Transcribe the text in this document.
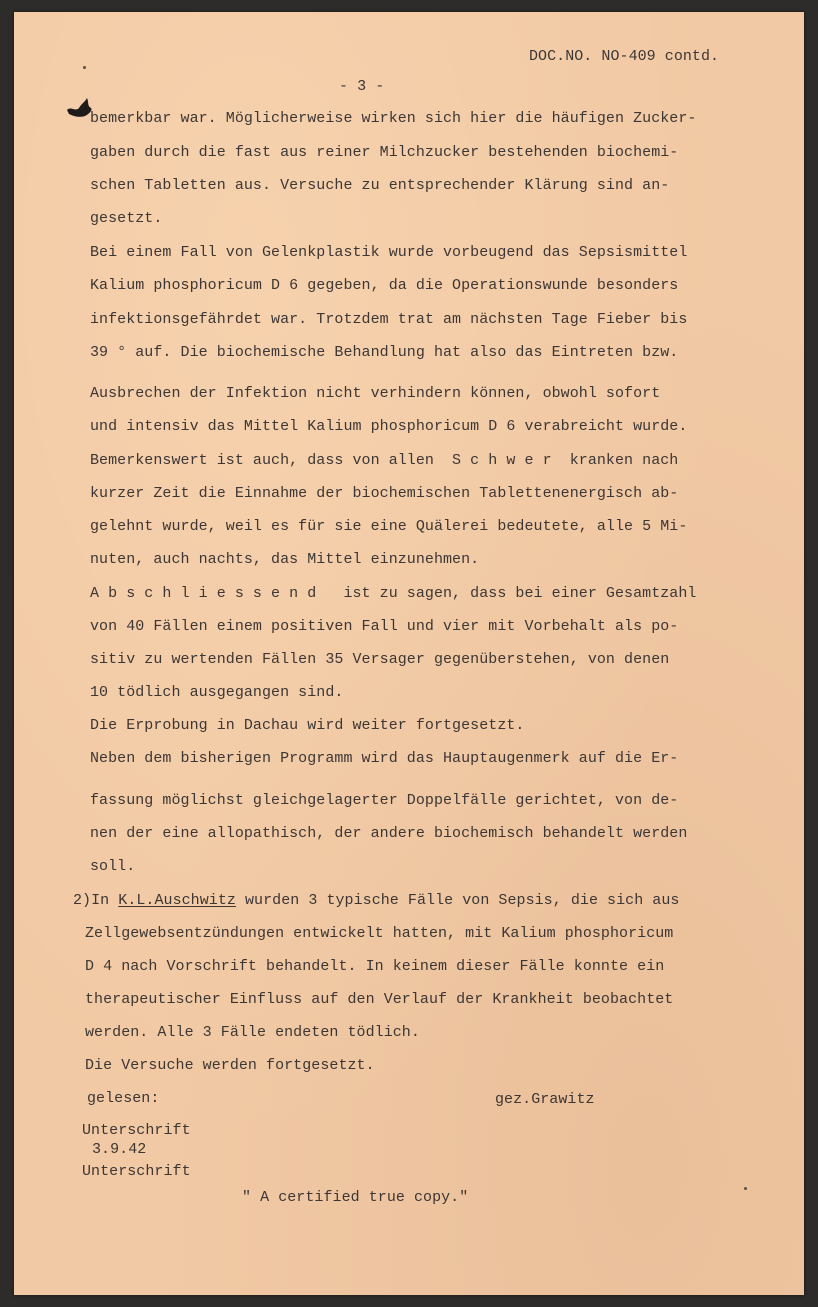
DOC.NO. NO-409 contd.
- 3 -
bemerkbar war. Möglicherweise wirken sich hier die häufigen Zucker-
gaben durch die fast aus reiner Milchzucker bestehenden biochemi-
schen Tabletten aus. Versuche zu entsprechender Klärung sind an-
gesetzt.
Bei einem Fall von Gelenkplastik wurde vorbeugend das Sepsismittel
Kalium phosphoricum D 6 gegeben, da die Operationswunde besonders
infektionsgefährdet war. Trotzdem trat am nächsten Tage Fieber bis
39 ° auf. Die biochemische Behandlung hat also das Eintreten bzw.
Ausbrechen der Infektion nicht verhindern können, obwohl sofort
und intensiv das Mittel Kalium phosphoricum D 6 verabreicht wurde.
Bemerkenswert ist auch, dass von allen  S c h w e r  kranken nach
kurzer Zeit die Einnahme der biochemischen Tablettenenergisch ab-
gelehnt wurde, weil es für sie eine Quälerei bedeutete, alle 5 Mi-
nuten, auch nachts, das Mittel einzunehmen.
A b s c h l i e s s e n d   ist zu sagen, dass bei einer Gesamtzahl
von 40 Fällen einem positiven Fall und vier mit Vorbehalt als po-
sitiv zu wertenden Fällen 35 Versager gegenüberstehen, von denen
10 tödlich ausgegangen sind.
Die Erprobung in Dachau wird weiter fortgesetzt.
Neben dem bisherigen Programm wird das Hauptaugenmerk auf die Er-
fassung möglichst gleichgelagerter Doppelfälle gerichtet, von de-
nen der eine allopathisch, der andere biochemisch behandelt werden
soll.
2)In K.L.Auschwitz wurden 3 typische Fälle von Sepsis, die sich aus
Zellgewebsentzündungen entwickelt hatten, mit Kalium phosphoricum
D 4 nach Vorschrift behandelt. In keinem dieser Fälle konnte ein
therapeutischer Einfluss auf den Verlauf der Krankheit beobachtet
werden. Alle 3 Fälle endeten tödlich.
Die Versuche werden fortgesetzt.
gelesen:	gez.Grawitz
Unterschrift
3.9.42
Unterschrift
" A certified true copy."
